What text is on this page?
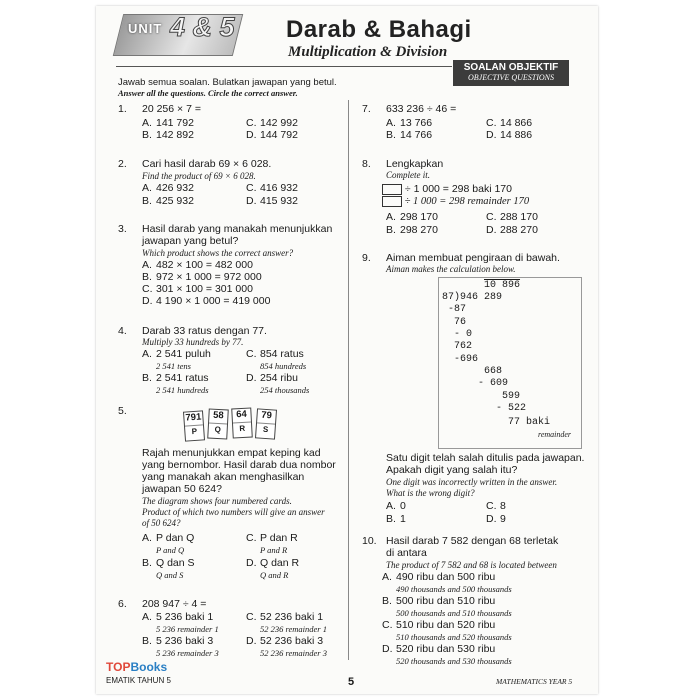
UNIT 4 & 5 Darab & Bahagi
Multiplication & Division
SOALAN OBJEKTIF
OBJECTIVE QUESTIONS
Jawab semua soalan. Bulatkan jawapan yang betul.
Answer all the questions. Circle the correct answer.
1. 20 256 × 7 =
A. 141 792	C. 142 992
B. 142 892	D. 144 792
2. Cari hasil darab 69 × 6 028.
Find the product of 69 × 6 028.
A. 426 932	C. 416 932
B. 425 932	D. 415 932
3. Hasil darab yang manakah menunjukkan
jawapan yang betul?
Which product shows the correct answer?
A. 482 × 100 = 482 000
B. 972 × 1 000 = 972 000
C. 301 × 100 = 301 000
D. 4 190 × 1 000 = 419 000
4. Darab 33 ratus dengan 77.
Multiply 33 hundreds by 77.
A. 2 541 puluh
2 541 tens
C. 854 ratus
854 hundreds
B. 2 541 ratus
2 541 hundreds
D. 254 ribu
254 thousands
5.
791
P
58
Q
64
R
79
S
Rajah menunjukkan empat keping kad
yang bernombor. Hasil darab dua nombor
yang manakah akan menghasilkan
jawapan 50 624?
The diagram shows four numbered cards.
Product of which two numbers will give an answer
of 50 624?
A. P dan Q
P and Q
C. P dan R
P and R
B. Q dan S
Q and S
D. Q dan R
Q and R
6. 208 947 ÷ 4 =
A. 5 236 baki 1
5 236 remainder 1
C. 52 236 baki 1
52 236 remainder 1
B. 5 236 baki 3
5 236 remainder 3
D. 52 236 baki 3
52 236 remainder 3
7. 633 236 ÷ 46 =
A. 13 766	C. 14 866
B. 14 766	D. 14 886
8. Lengkapkan
Complete it.
÷ 1 000 = 298 baki 170
÷ 1 000 = 298 remainder 170
A. 298 170	C. 288 170
B. 298 270	D. 288 270
9. Aiman membuat pengiraan di bawah.
Aiman makes the calculation below.
10 896
87)946 289
-87
76
- 0
762
-696
668
- 609
599
- 522
77 baki
remainder
Satu digit telah salah ditulis pada jawapan.
Apakah digit yang salah itu?
One digit was incorrectly written in the answer.
What is the wrong digit?
A. 0	C. 8
B. 1	D. 9
10. Hasil darab 7 582 dengan 68 terletak
di antara
The product of 7 582 and 68 is located between
A. 490 ribu dan 500 ribu
490 thousands and 500 thousands
B. 500 ribu dan 510 ribu
500 thousands and 510 thousands
C. 510 ribu dan 520 ribu
510 thousands and 520 thousands
D. 520 ribu dan 530 ribu
520 thousands and 530 thousands
TOPBooks
EMATIK TAHUN 5	5	MATHEMATICS YEAR 5
